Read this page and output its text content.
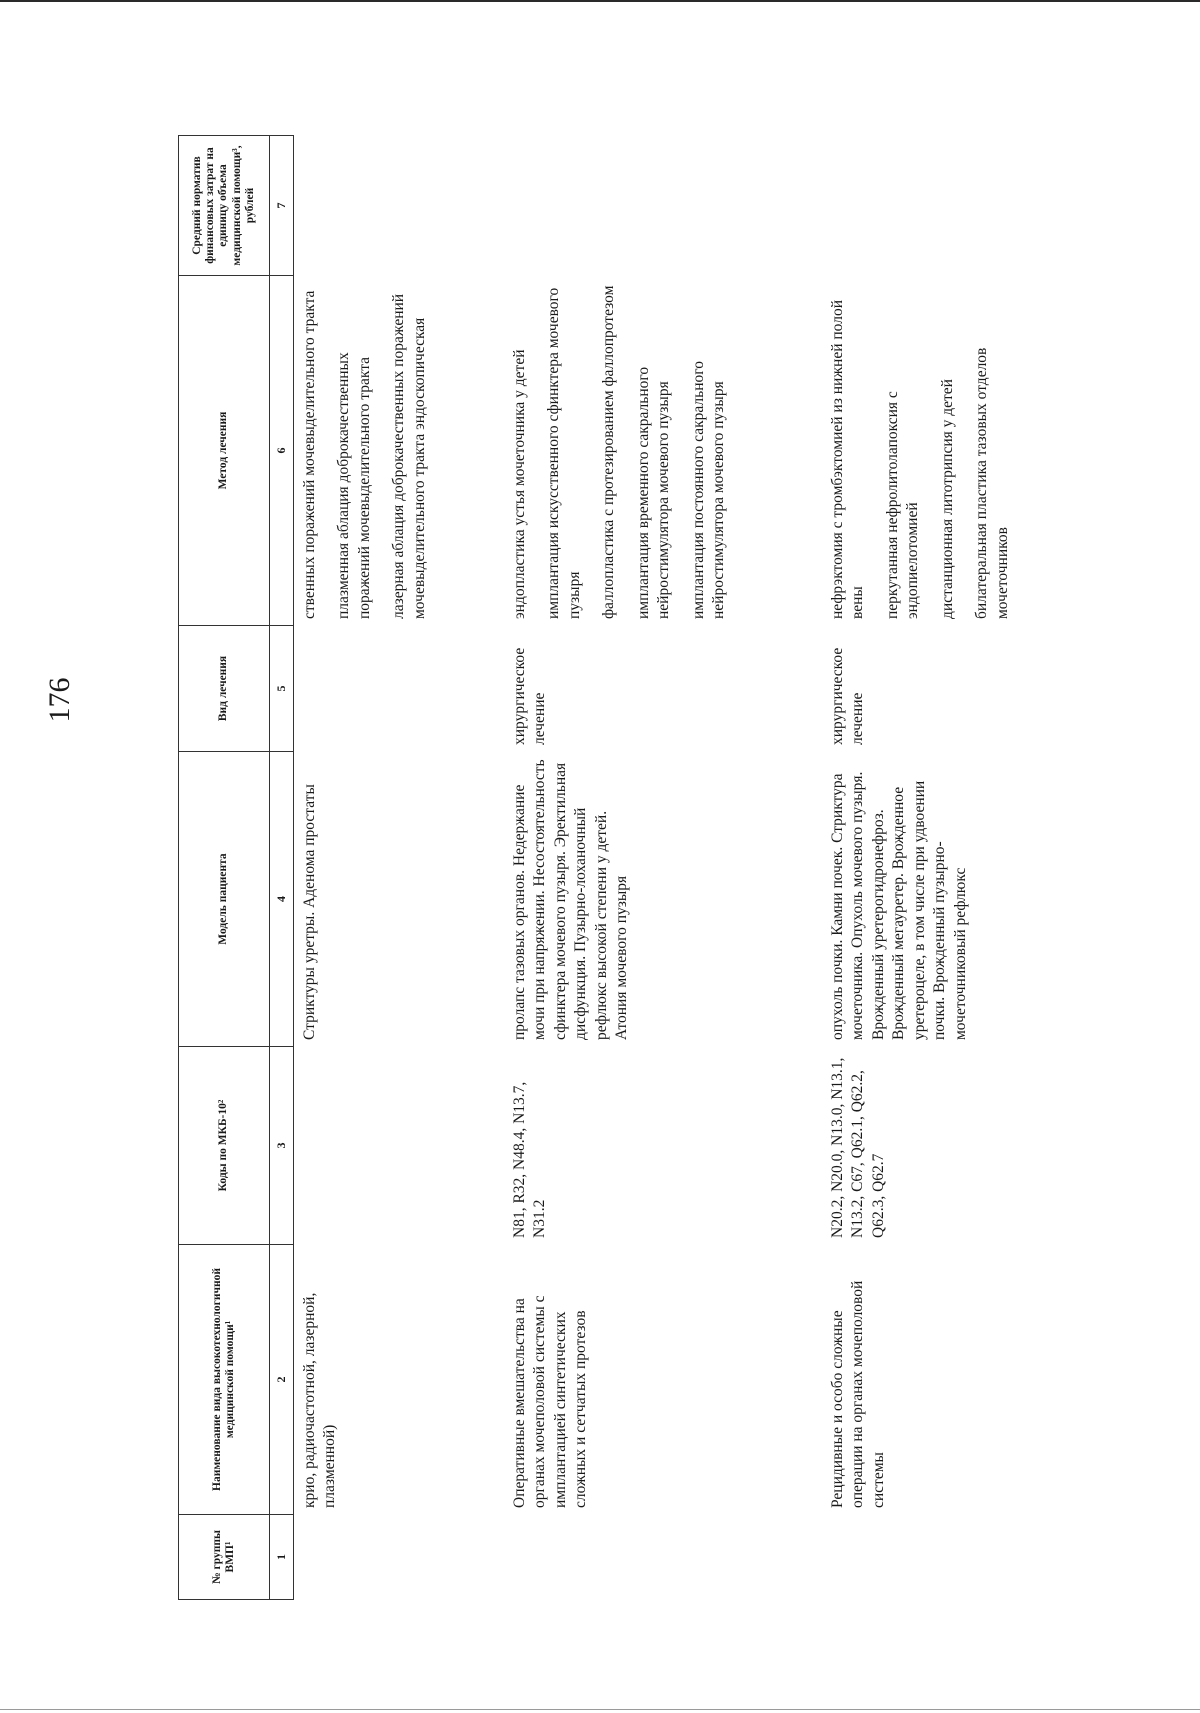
176
№ группы ВМП¹
Наименование вида высокотехнологичной медицинской помощи¹
Коды по МКБ-10²
Модель пациента
Вид лечения
Метод лечения
Средний норматив финансовых затрат на единицу объема медицинской помощи³, рублей
1
2
3
4
5
6
7
крио, радиочастотной, лазерной, плазменной)
Стриктуры уретры. Аденома простаты
ственных поражений мочевыделительного тракта плазменная аблация доброкачественных поражений мочевыделительного тракта лазерная аблация доброкачественных поражений мочевыделительного тракта эндоскопическая
Оперативные вмешательства на органах мочеполовой системы с имплантацией синтетических сложных и сетчатых протезов
N81, R32, N48.4, N13.7, N31.2
пролапс тазовых органов. Недержание мочи при напряжении. Несостоятельность сфинктера мочевого пузыря. Эректильная дисфункция. Пузырно-лоханочный рефлюкс высокой степени у детей. Атония мочевого пузыря
хирургическое лечение
эндопластика устья мочеточника у детей имплантация искусственного сфинктера мочевого пузыря фаллопластика с протезированием фаллопротезом имплантация временного сакрального нейростимулятора мочевого пузыря имплантация постоянного сакрального нейростимулятора мочевого пузыря
Рецидивные и особо сложные операции на органах мочеполовой системы
N20.2, N20.0, N13.0, N13.1, N13.2, C67, Q62.1, Q62.2, Q62.3, Q62.7
опухоль почки. Камни почек. Стриктура мочеточника. Опухоль мочевого пузыря. Врожденный уретерогидронефроз. Врожденный мегауретер. Врожденное уретероцеле, в том числе при удвоении почки. Врожденный пузырно-мочеточниковый рефлюкс
хирургическое лечение
нефрэктомия с тромбэктомией из нижней полой вены перкутанная нефролитолапоксия с эндопиелотомией дистанционная литотрипсия у детей билатеральная пластика тазовых отделов мочеточников
